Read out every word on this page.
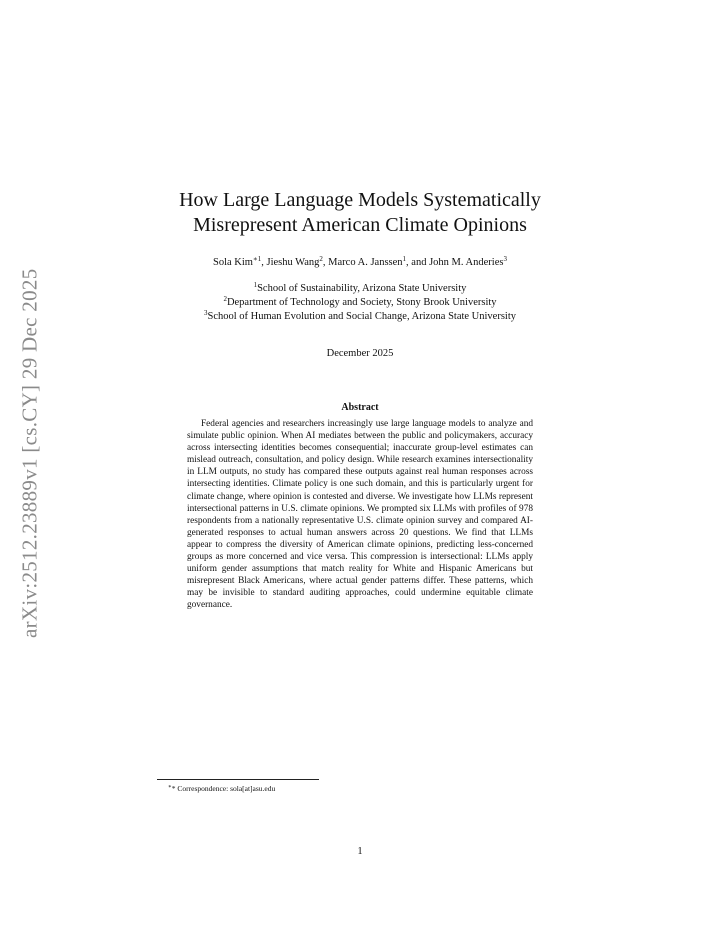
arXiv:2512.23889v1 [cs.CY] 29 Dec 2025
How Large Language Models Systematically
Misrepresent American Climate Opinions
Sola Kim$^{∗1}$, Jieshu Wang$^2$, Marco A. Janssen$^1$, and John M. Anderies$^3$
$^1$School of Sustainability, Arizona State University
$^2$Department of Technology and Society, Stony Brook University
$^3$School of Human Evolution and Social Change, Arizona State University
December 2025
Abstract

Federal agencies and researchers increasingly use large language models to analyze and simulate public opinion. When AI mediates between the public and policymakers, accuracy across intersecting identities becomes consequential; inaccurate group-level estimates can mislead outreach, consultation, and policy design. While research examines intersectionality in LLM outputs, no study has compared these outputs against real human responses across intersecting identities. Climate policy is one such domain, and this is particularly urgent for climate change, where opinion is contested and diverse. We investigate how LLMs represent intersectional patterns in U.S. climate opinions. We prompted six LLMs with profiles of 978 respondents from a nationally representative U.S. climate opinion survey and compared AI-generated responses to actual human answers across 20 questions. We find that LLMs appear to compress the diversity of American climate opinions, predicting less-concerned groups as more concerned and vice versa. This compression is intersectional: LLMs apply uniform gender assumptions that match reality for White and Hispanic Americans but misrepresent Black Americans, where actual gender patterns differ. These patterns, which may be invisible to standard auditing approaches, could undermine equitable climate governance.

∗* Correspondence: sola[at]asu.edu
1
